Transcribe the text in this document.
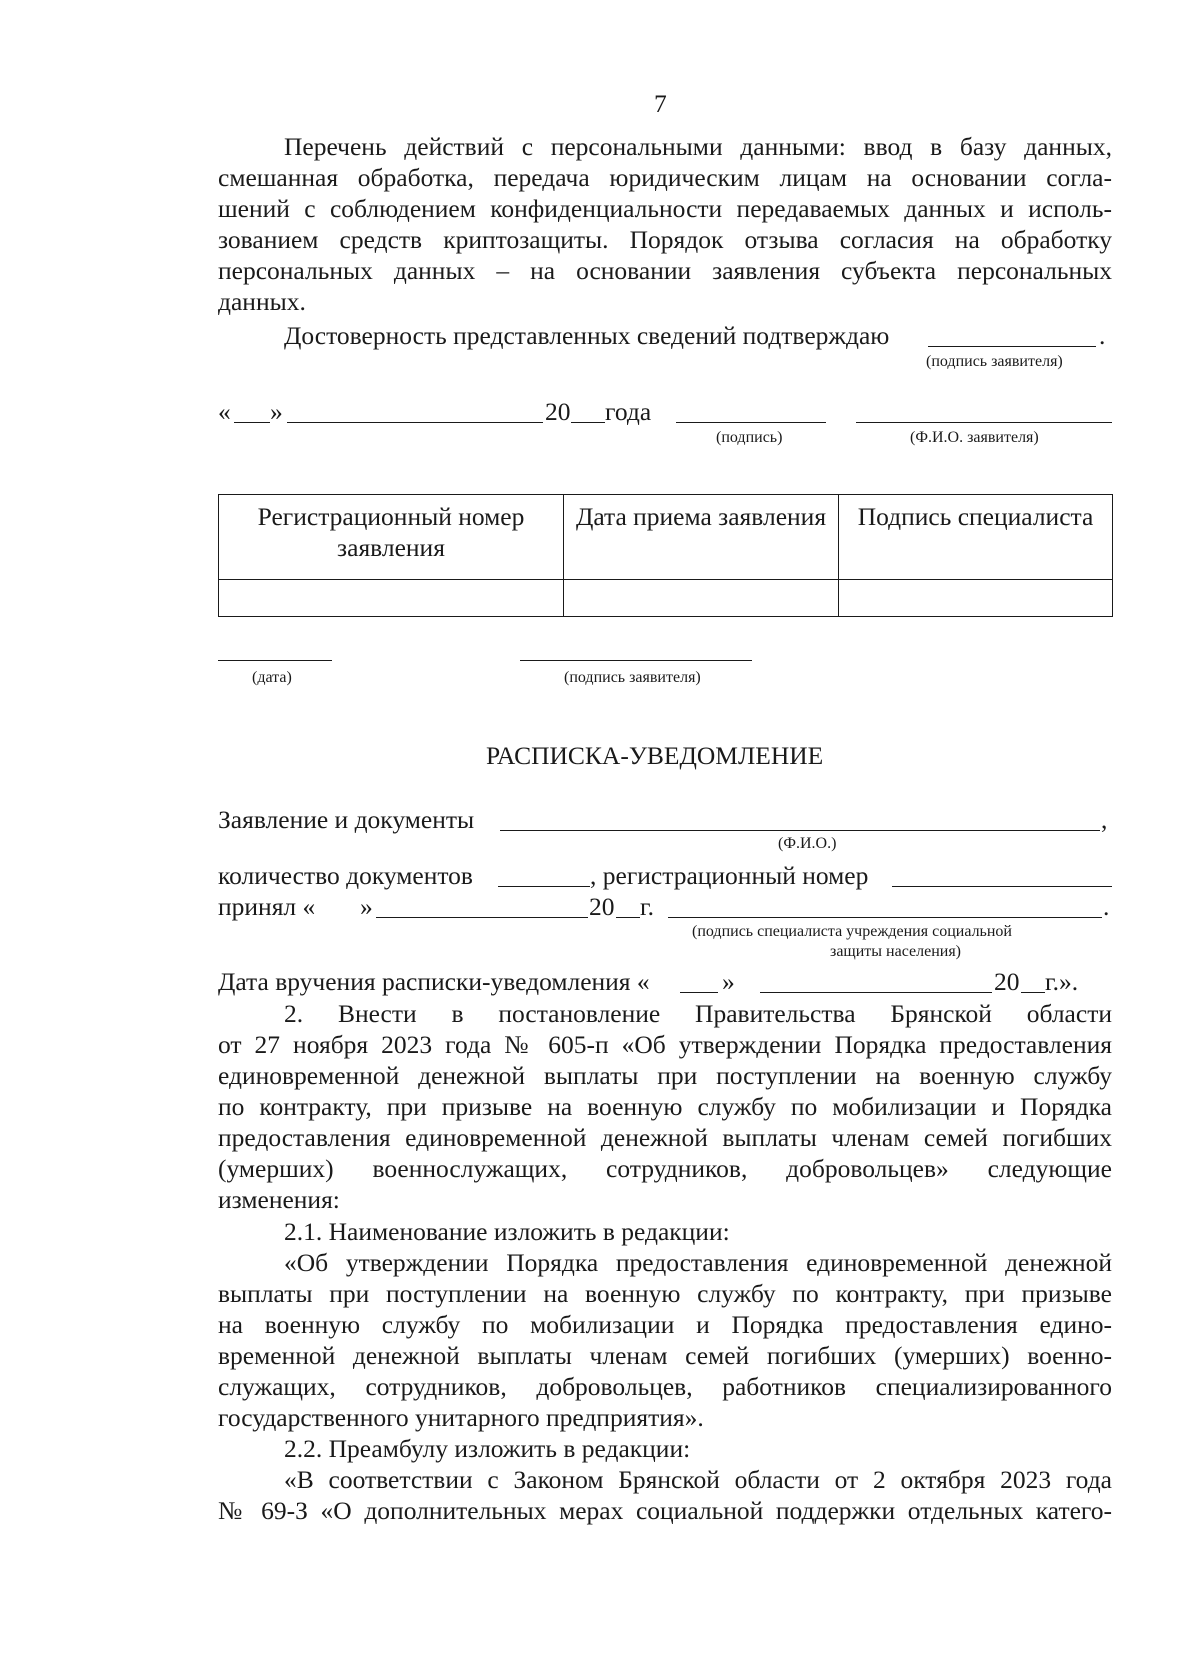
7
Перечень действий с персональными данными: ввод в базу данных,
смешанная обработка, передача юридическим лицам на основании согла-
шений с соблюдением конфиденциальности передаваемых данных и исполь-
зованием средств криптозащиты. Порядок отзыва согласия на обработку
персональных данных – на основании заявления субъекта персональных
данных.
Достоверность представленных сведений подтверждаю	.
(подпись заявителя)
« »	20 года
(подпись)	(Ф.И.О. заявителя)
Регистрационный номер заявления	Дата приема заявления	Подпись специалиста

(дата)	(подпись заявителя)
РАСПИСКА-УВЕДОМЛЕНИЕ
Заявление и документы	,
(Ф.И.О.)
количество документов	, регистрационный номер
принял « »	20 г.	.
(подпись специалиста учреждения социальной
защиты населения)
Дата вручения расписки-уведомления «	»	20 г.».
2. Внести в постановление Правительства Брянской области
от 27 ноября 2023 года № 605-п «Об утверждении Порядка предоставления
единовременной денежной выплаты при поступлении на военную службу
по контракту, при призыве на военную службу по мобилизации и Порядка
предоставления единовременной денежной выплаты членам семей погибших
(умерших) военнослужащих, сотрудников, добровольцев» следующие
изменения:
2.1. Наименование изложить в редакции:
«Об утверждении Порядка предоставления единовременной денежной
выплаты при поступлении на военную службу по контракту, при призыве
на военную службу по мобилизации и Порядка предоставления едино-
временной денежной выплаты членам семей погибших (умерших) военно-
служащих, сотрудников, добровольцев, работников специализированного
государственного унитарного предприятия».
2.2. Преамбулу изложить в редакции:
«В соответствии с Законом Брянской области от 2 октября 2023 года
№ 69-З «О дополнительных мерах социальной поддержки отдельных катего-
